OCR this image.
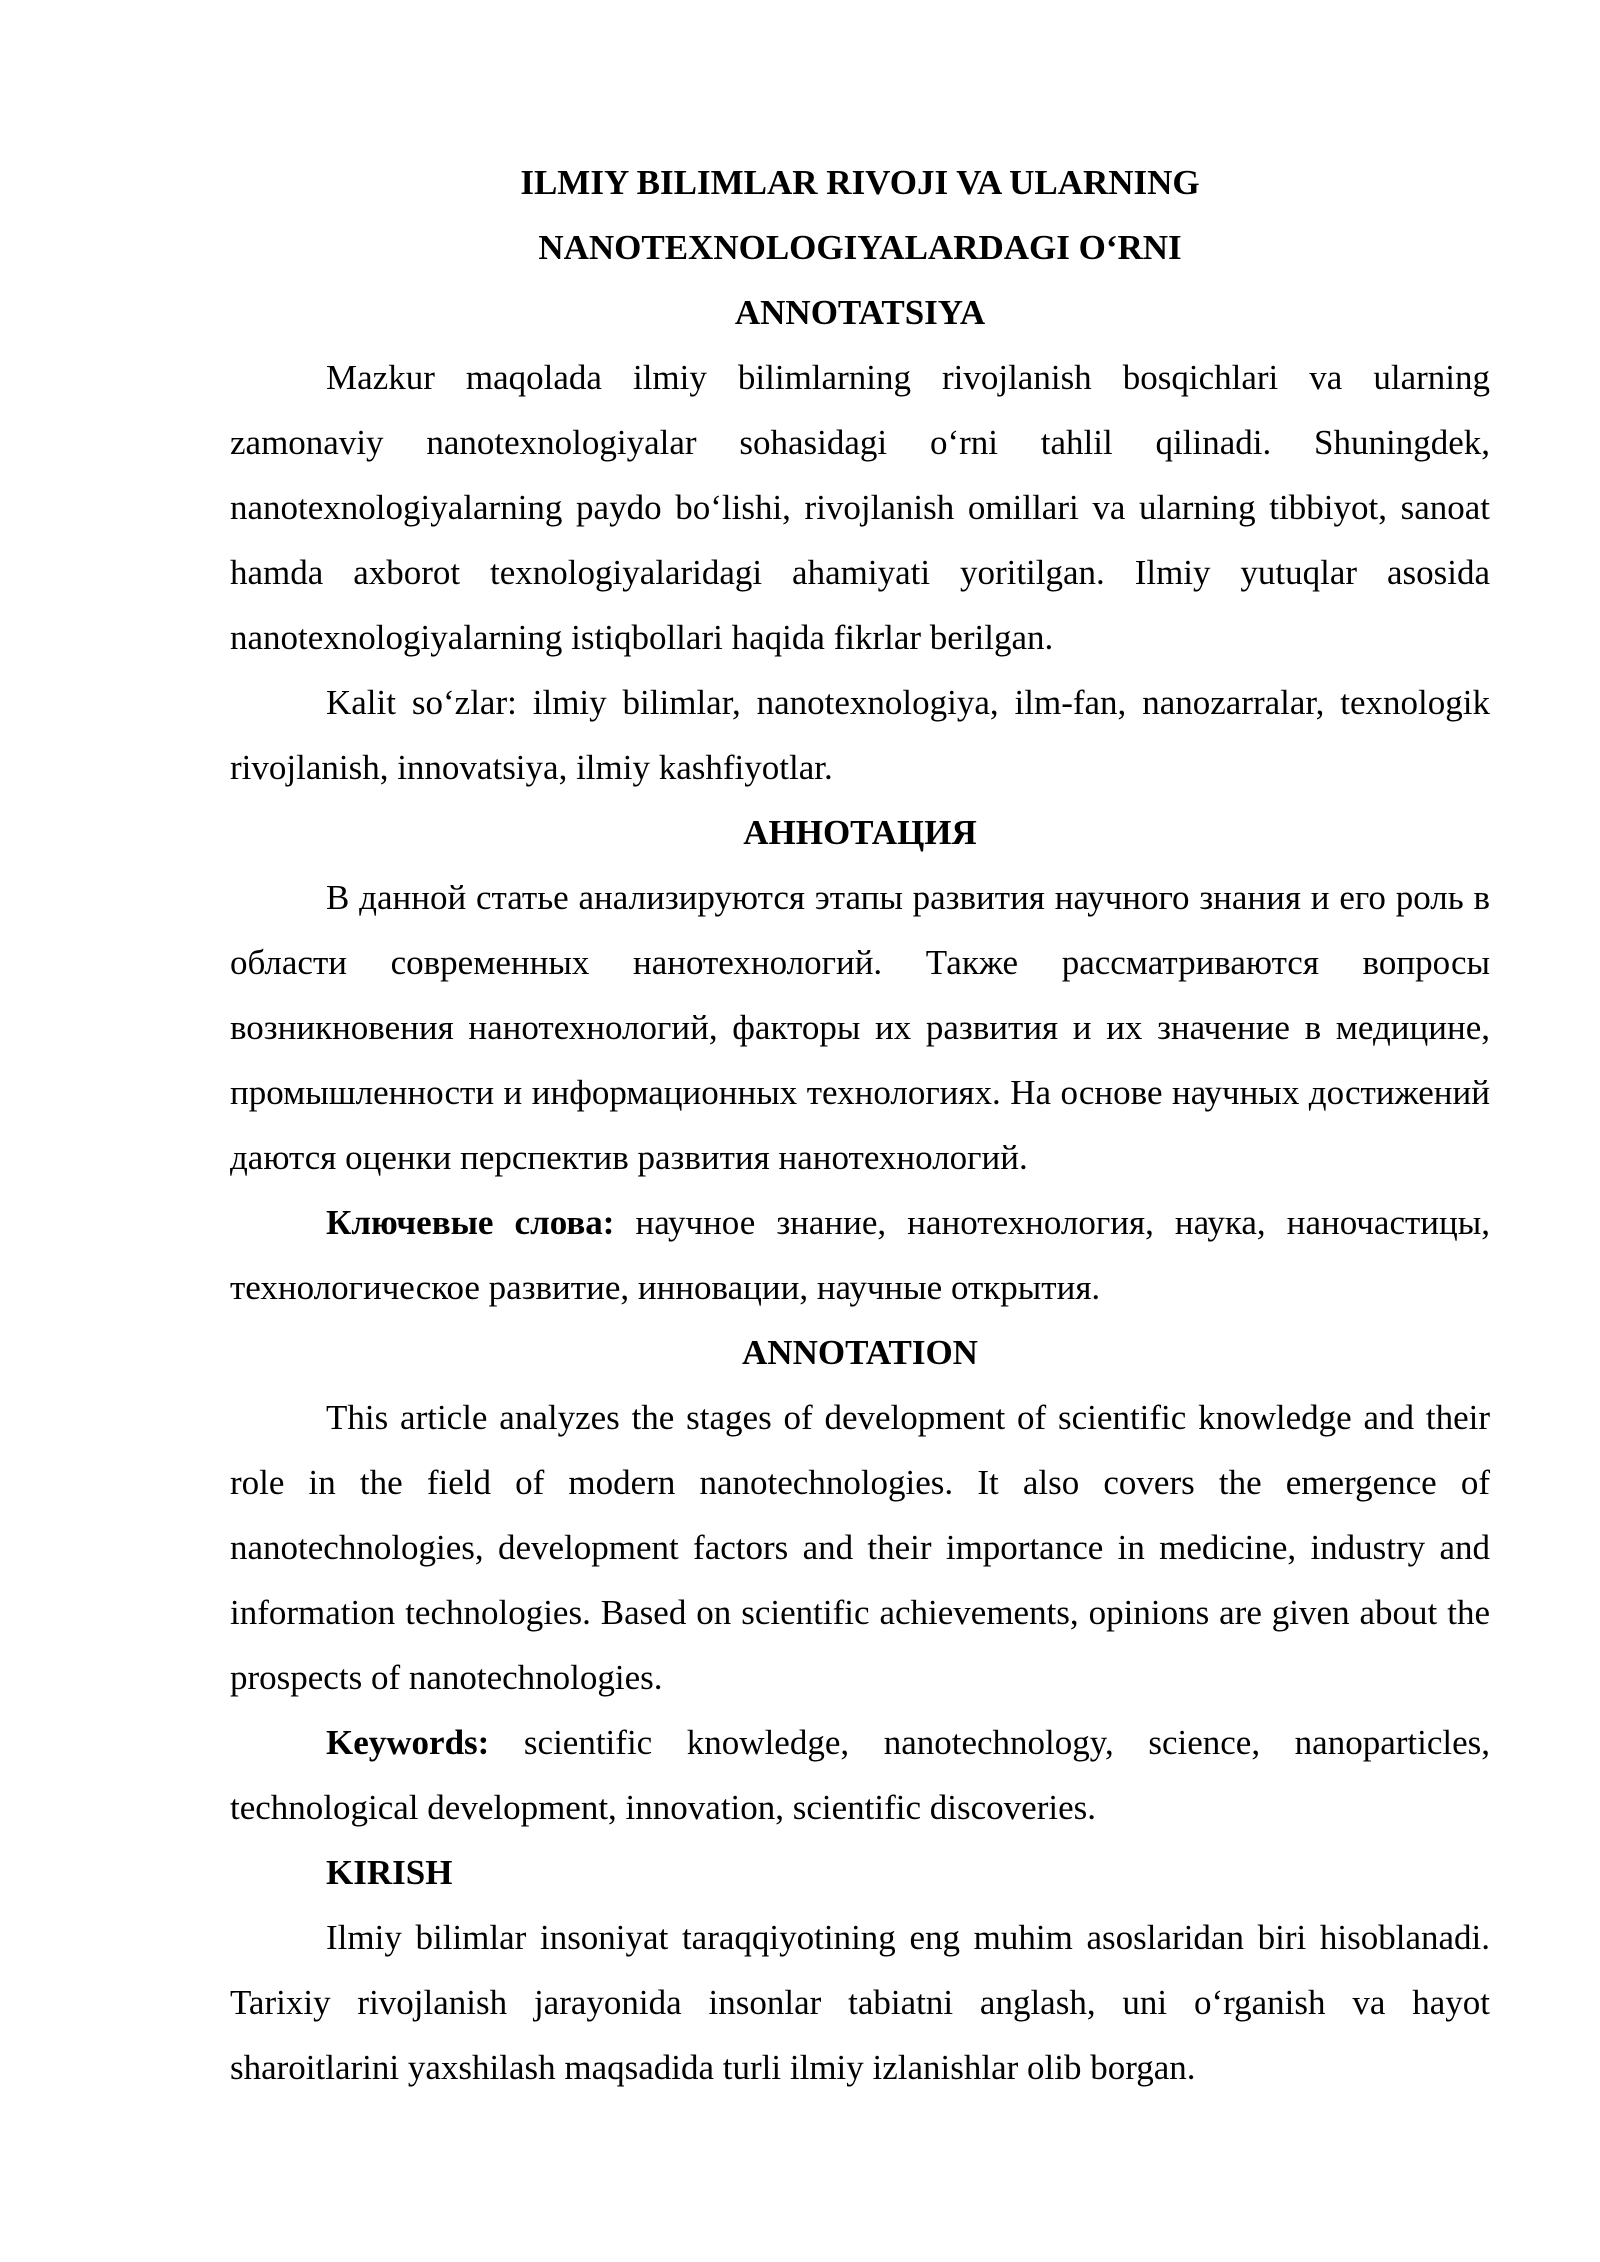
ILMIY BILIMLAR RIVOJI VA ULARNING

NANOTEXNOLOGIYALARDAGI O‘RNI

ANNOTATSIYA

Mazkur maqolada ilmiy bilimlarning rivojlanish bosqichlari va ularning zamonaviy nanotexnologiyalar sohasidagi o‘rni tahlil qilinadi. Shuningdek, nanotexnologiyalarning paydo bo‘lishi, rivojlanish omillari va ularning tibbiyot, sanoat hamda axborot texnologiyalaridagi ahamiyati yoritilgan. Ilmiy yutuqlar asosida nanotexnologiyalarning istiqbollari haqida fikrlar berilgan.

Kalit so‘zlar: ilmiy bilimlar, nanotexnologiya, ilm-fan, nanozarralar, texnologik rivojlanish, innovatsiya, ilmiy kashfiyotlar.

АННОТАЦИЯ

В данной статье анализируются этапы развития научного знания и его роль в области современных нанотехнологий. Также рассматриваются вопросы возникновения нанотехнологий, факторы их развития и их значение в медицине, промышленности и информационных технологиях. На основе научных достижений даются оценки перспектив развития нанотехнологий.

Ключевые слова: научное знание, нанотехнология, наука, наночастицы, технологическое развитие, инновации, научные открытия.

ANNOTATION

This article analyzes the stages of development of scientific knowledge and their role in the field of modern nanotechnologies. It also covers the emergence of nanotechnologies, development factors and their importance in medicine, industry and information technologies. Based on scientific achievements, opinions are given about the prospects of nanotechnologies.

Keywords: scientific knowledge, nanotechnology, science, nanoparticles, technological development, innovation, scientific discoveries.

KIRISH

Ilmiy bilimlar insoniyat taraqqiyotining eng muhim asoslaridan biri hisoblanadi. Tarixiy rivojlanish jarayonida insonlar tabiatni anglash, uni o‘rganish va hayot sharoitlarini yaxshilash maqsadida turli ilmiy izlanishlar olib borgan.
